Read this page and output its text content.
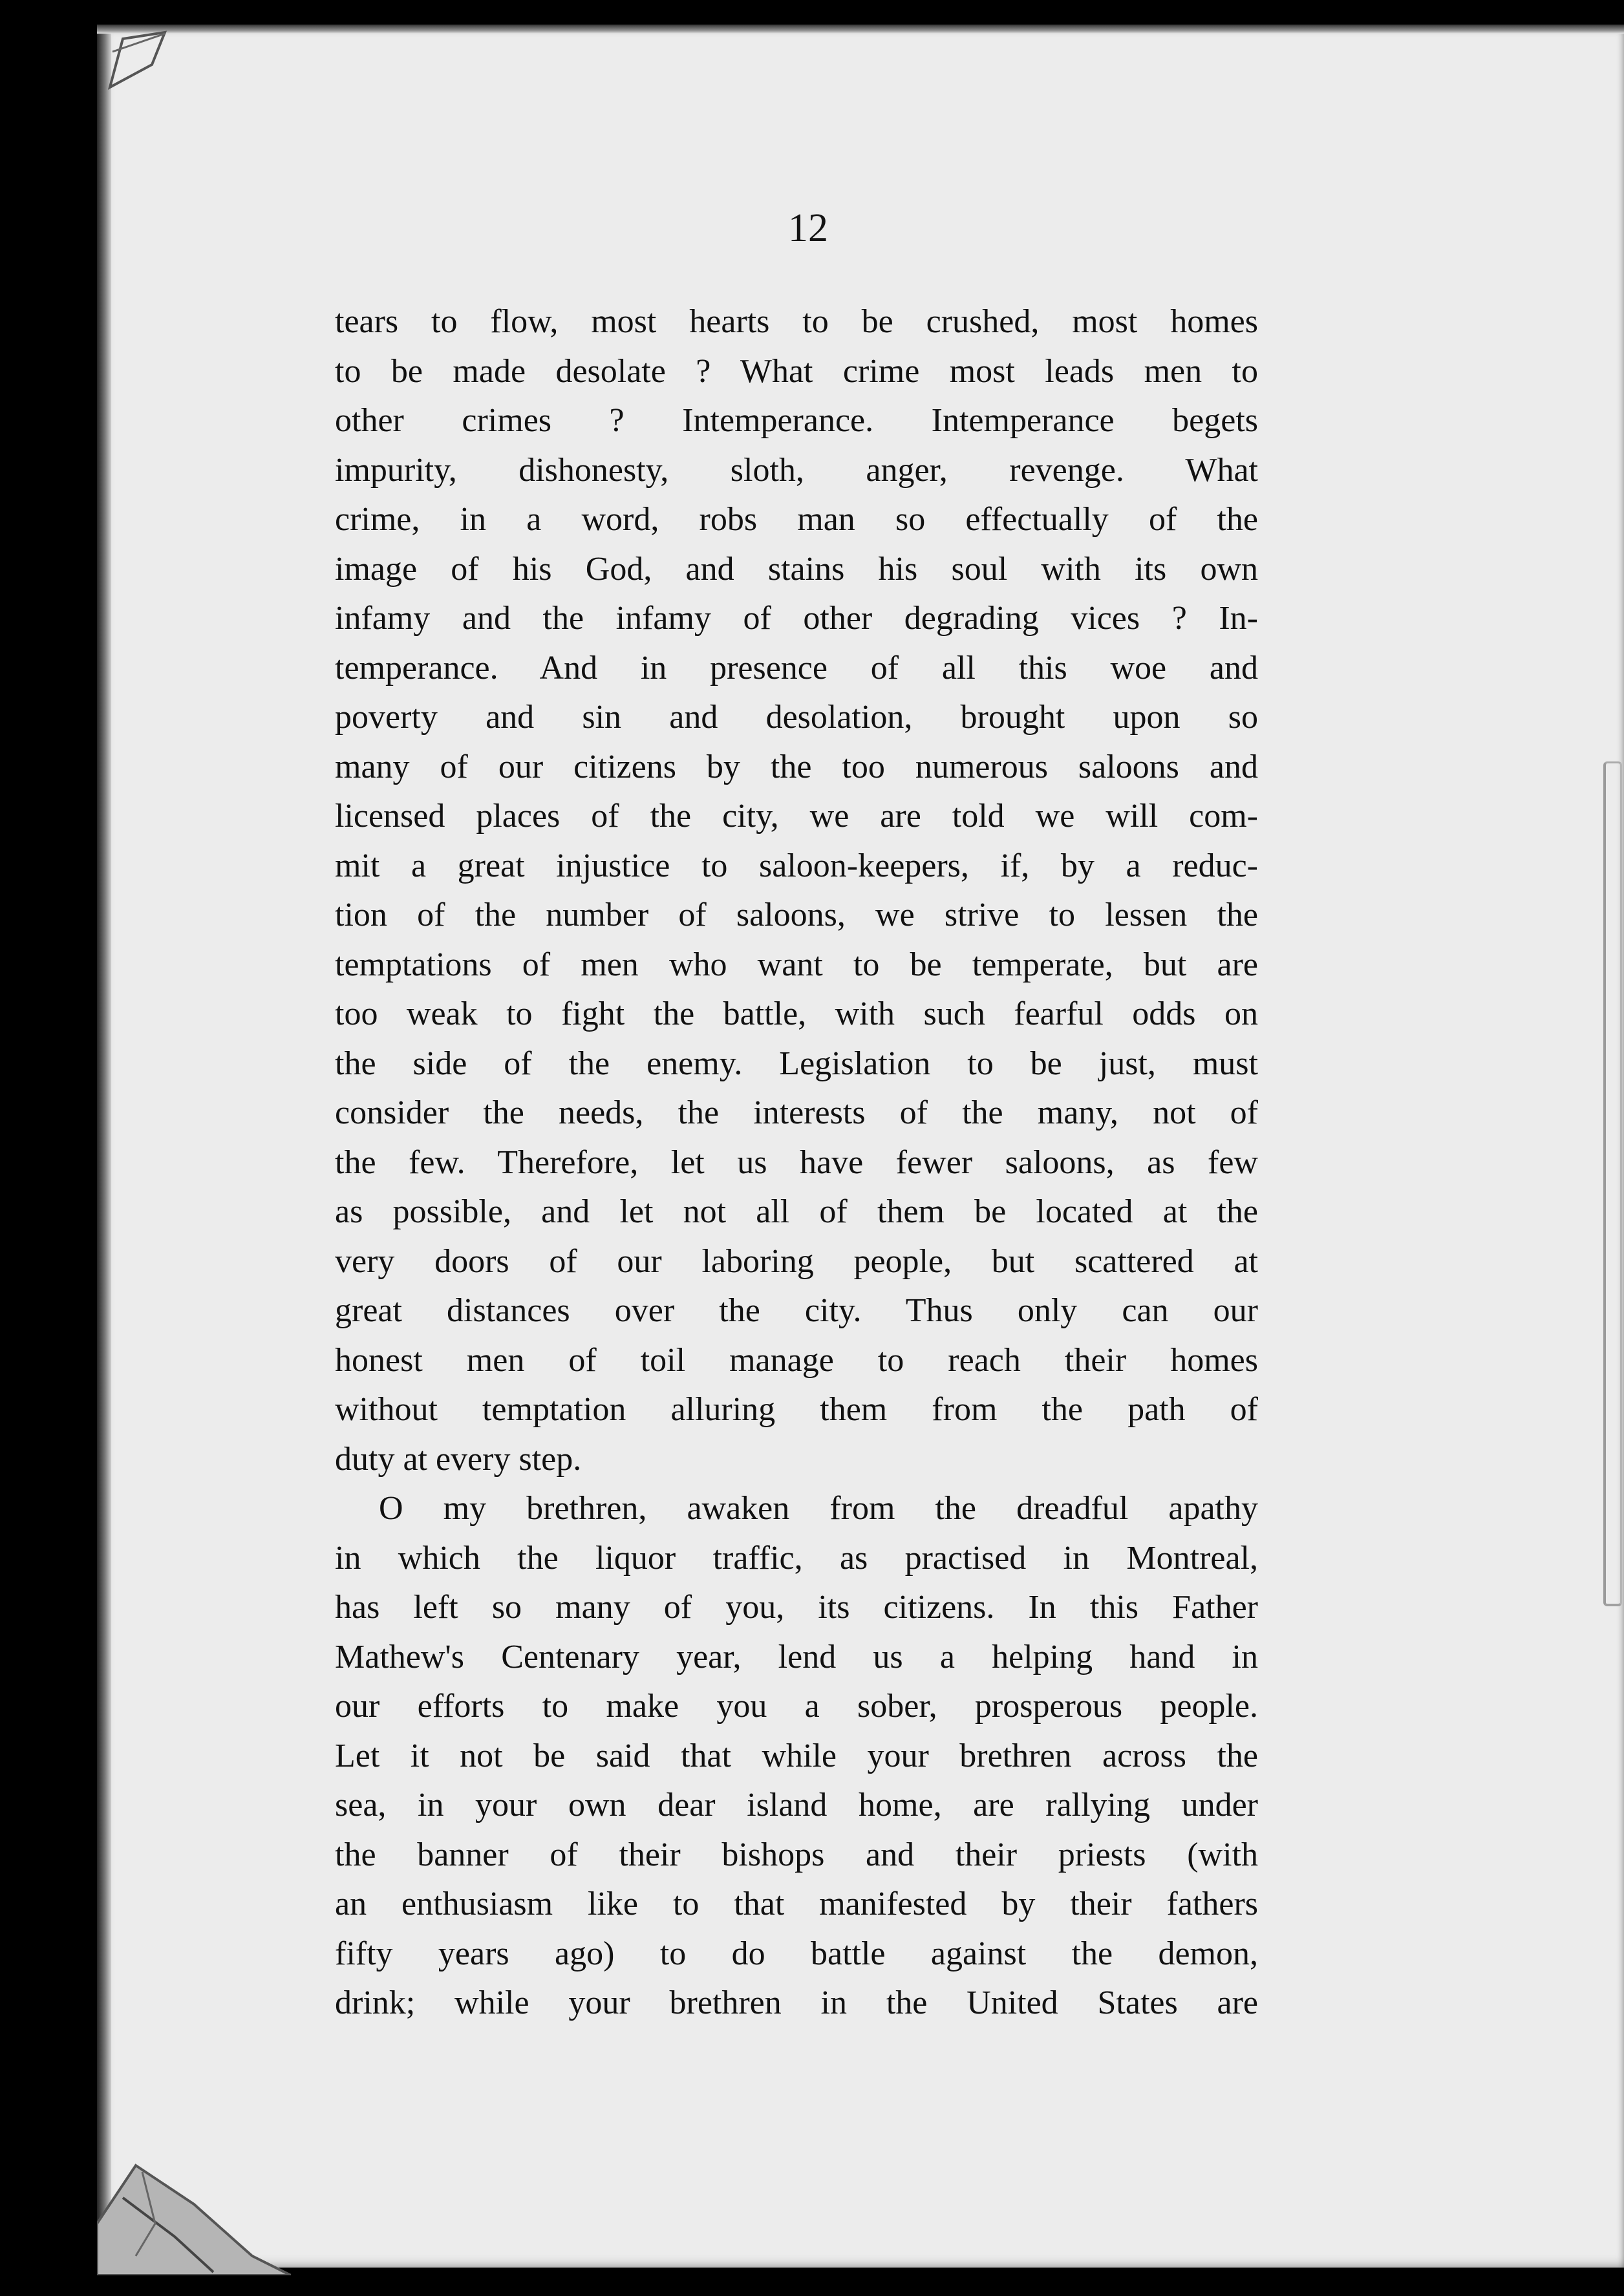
12
tears to flow, most hearts to be crushed, most homes
to be made desolate ? What crime most leads men to
other crimes ? Intemperance. Intemperance begets
impurity, dishonesty, sloth, anger, revenge. What
crime, in a word, robs man so effectually of the
image of his God, and stains his soul with its own
infamy and the infamy of other degrading vices ? In-
temperance. And in presence of all this woe and
poverty and sin and desolation, brought upon so
many of our citizens by the too numerous saloons and
licensed places of the city, we are told we will com-
mit a great injustice to saloon-keepers, if, by a reduc-
tion of the number of saloons, we strive to lessen the
temptations of men who want to be temperate, but are
too weak to fight the battle, with such fearful odds on
the side of the enemy. Legislation to be just, must
consider the needs, the interests of the many, not of
the few. Therefore, let us have fewer saloons, as few
as possible, and let not all of them be located at the
very doors of our laboring people, but scattered at
great distances over the city. Thus only can our
honest men of toil manage to reach their homes
without temptation alluring them from the path of
duty at every step.
O my brethren, awaken from the dreadful apathy
in which the liquor traffic, as practised in Montreal,
has left so many of you, its citizens. In this Father
Mathew's Centenary year, lend us a helping hand in
our efforts to make you a sober, prosperous people.
Let it not be said that while your brethren across the
sea, in your own dear island home, are rallying under
the banner of their bishops and their priests (with
an enthusiasm like to that manifested by their fathers
fifty years ago) to do battle against the demon,
drink; while your brethren in the United States are
